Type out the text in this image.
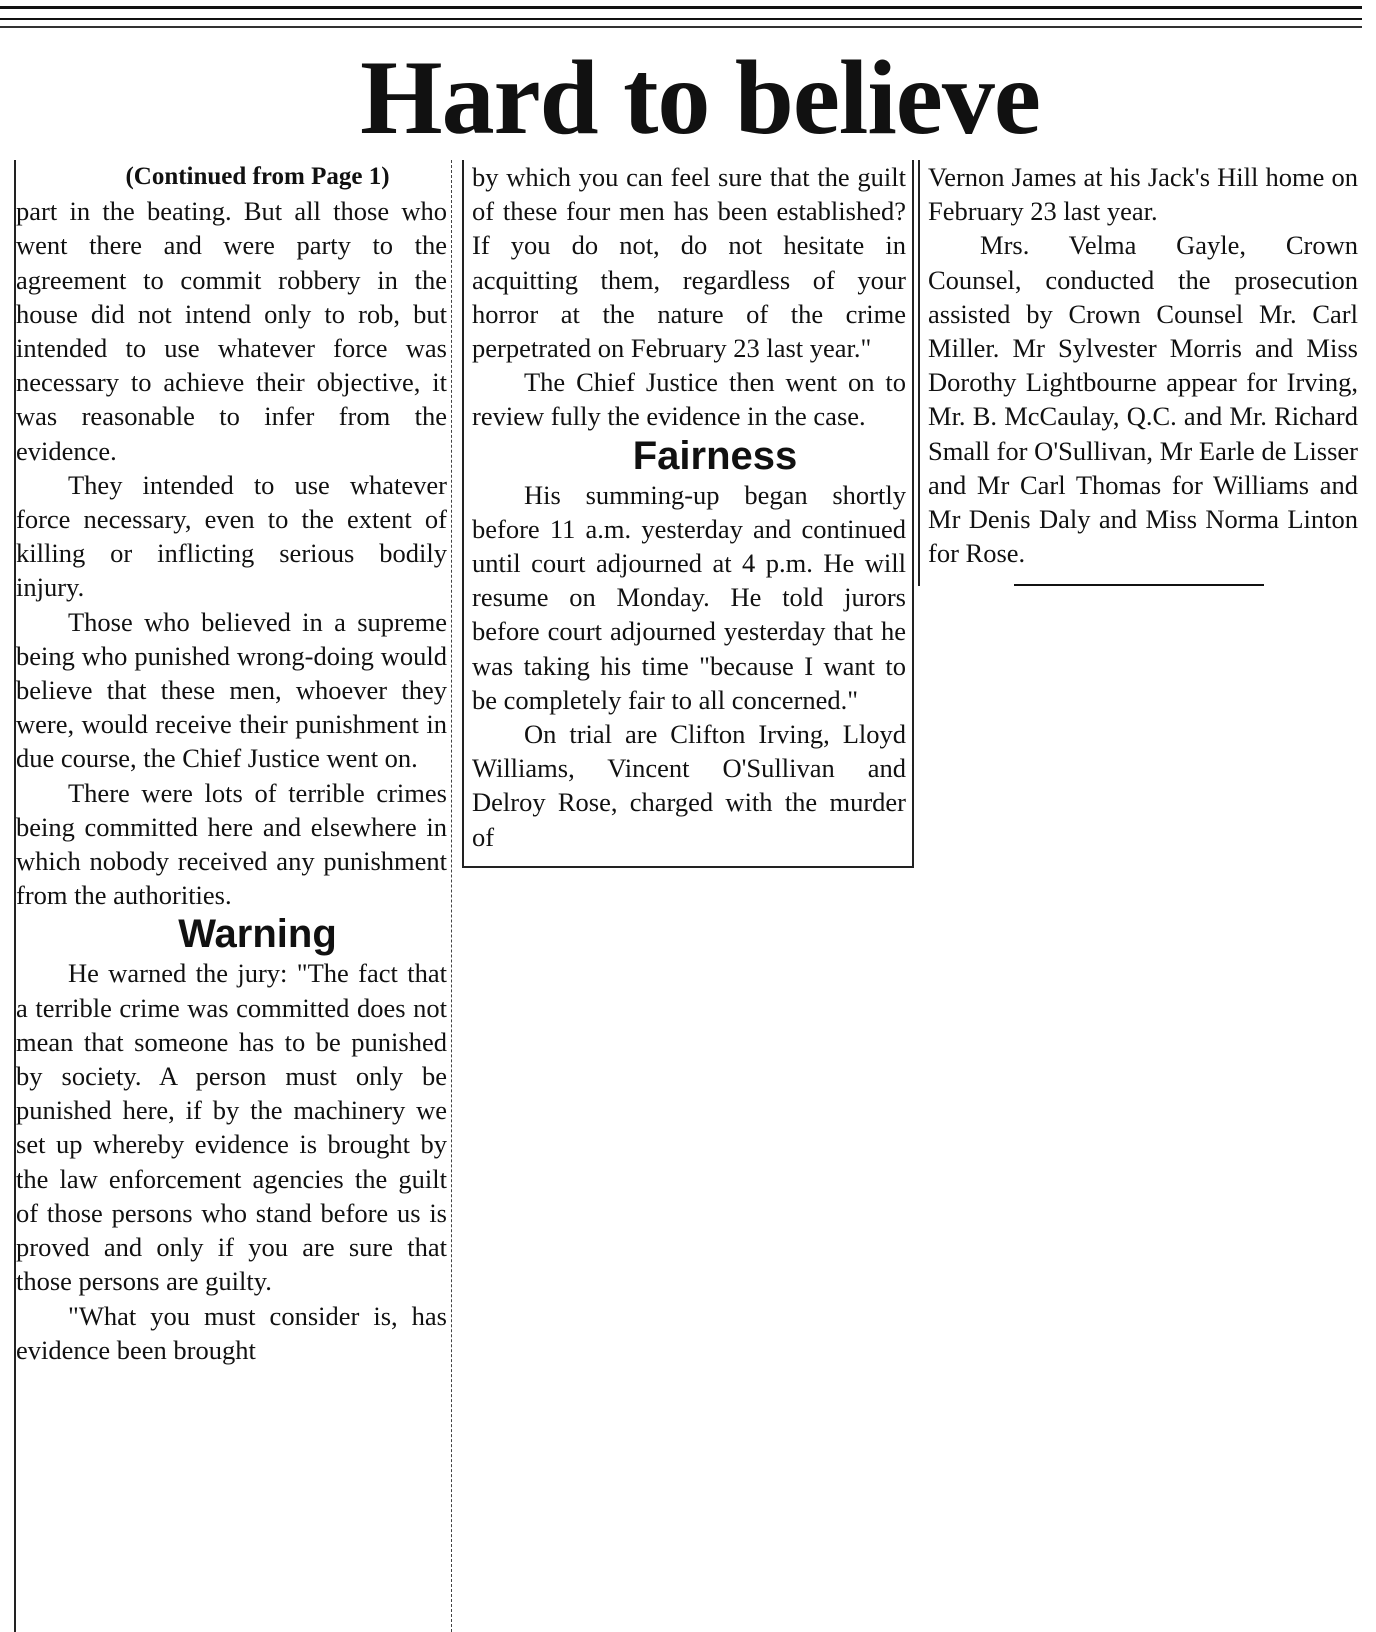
Hard to believe

(Continued from Page 1)

part in the beating. But all those who went there and were party to the agreement to commit robbery in the house did not intend only to rob, but intended to use whatever force was necessary to achieve their objective, it was reasonable to infer from the evidence.

They intended to use whatever force necessary, even to the extent of killing or inflicting serious bodily injury.

Those who believed in a supreme being who punished wrong-doing would believe that these men, whoever they were, would receive their punishment in due course, the Chief Justice went on.

There were lots of terrible crimes being committed here and elsewhere in which nobody received any punishment from the authorities.

Warning

He warned the jury: "The fact that a terrible crime was committed does not mean that someone has to be punished by society. A person must only be punished here, if by the machinery we set up whereby evidence is brought by the law enforcement agencies the guilt of those persons who stand before us is proved and only if you are sure that those persons are guilty.

"What you must consider is, has evidence been brought

by which you can feel sure that the guilt of these four men has been established? If you do not, do not hesitate in acquitting them, regardless of your horror at the nature of the crime perpetrated on February 23 last year."

The Chief Justice then went on to review fully the evidence in the case.

Fairness

His summing-up began shortly before 11 a.m. yesterday and continued until court adjourned at 4 p.m. He will resume on Monday. He told jurors before court adjourned yesterday that he was taking his time "because I want to be completely fair to all concerned."

On trial are Clifton Irving, Lloyd Williams, Vincent O'Sullivan and Delroy Rose, charged with the murder of

Vernon James at his Jack's Hill home on February 23 last year.

Mrs. Velma Gayle, Crown Counsel, conducted the prosecution assisted by Crown Counsel Mr. Carl Miller. Mr Sylvester Morris and Miss Dorothy Lightbourne appear for Irving, Mr. B. McCaulay, Q.C. and Mr. Richard Small for O'Sullivan, Mr Earle de Lisser and Mr Carl Thomas for Williams and Mr Denis Daly and Miss Norma Linton for Rose.
